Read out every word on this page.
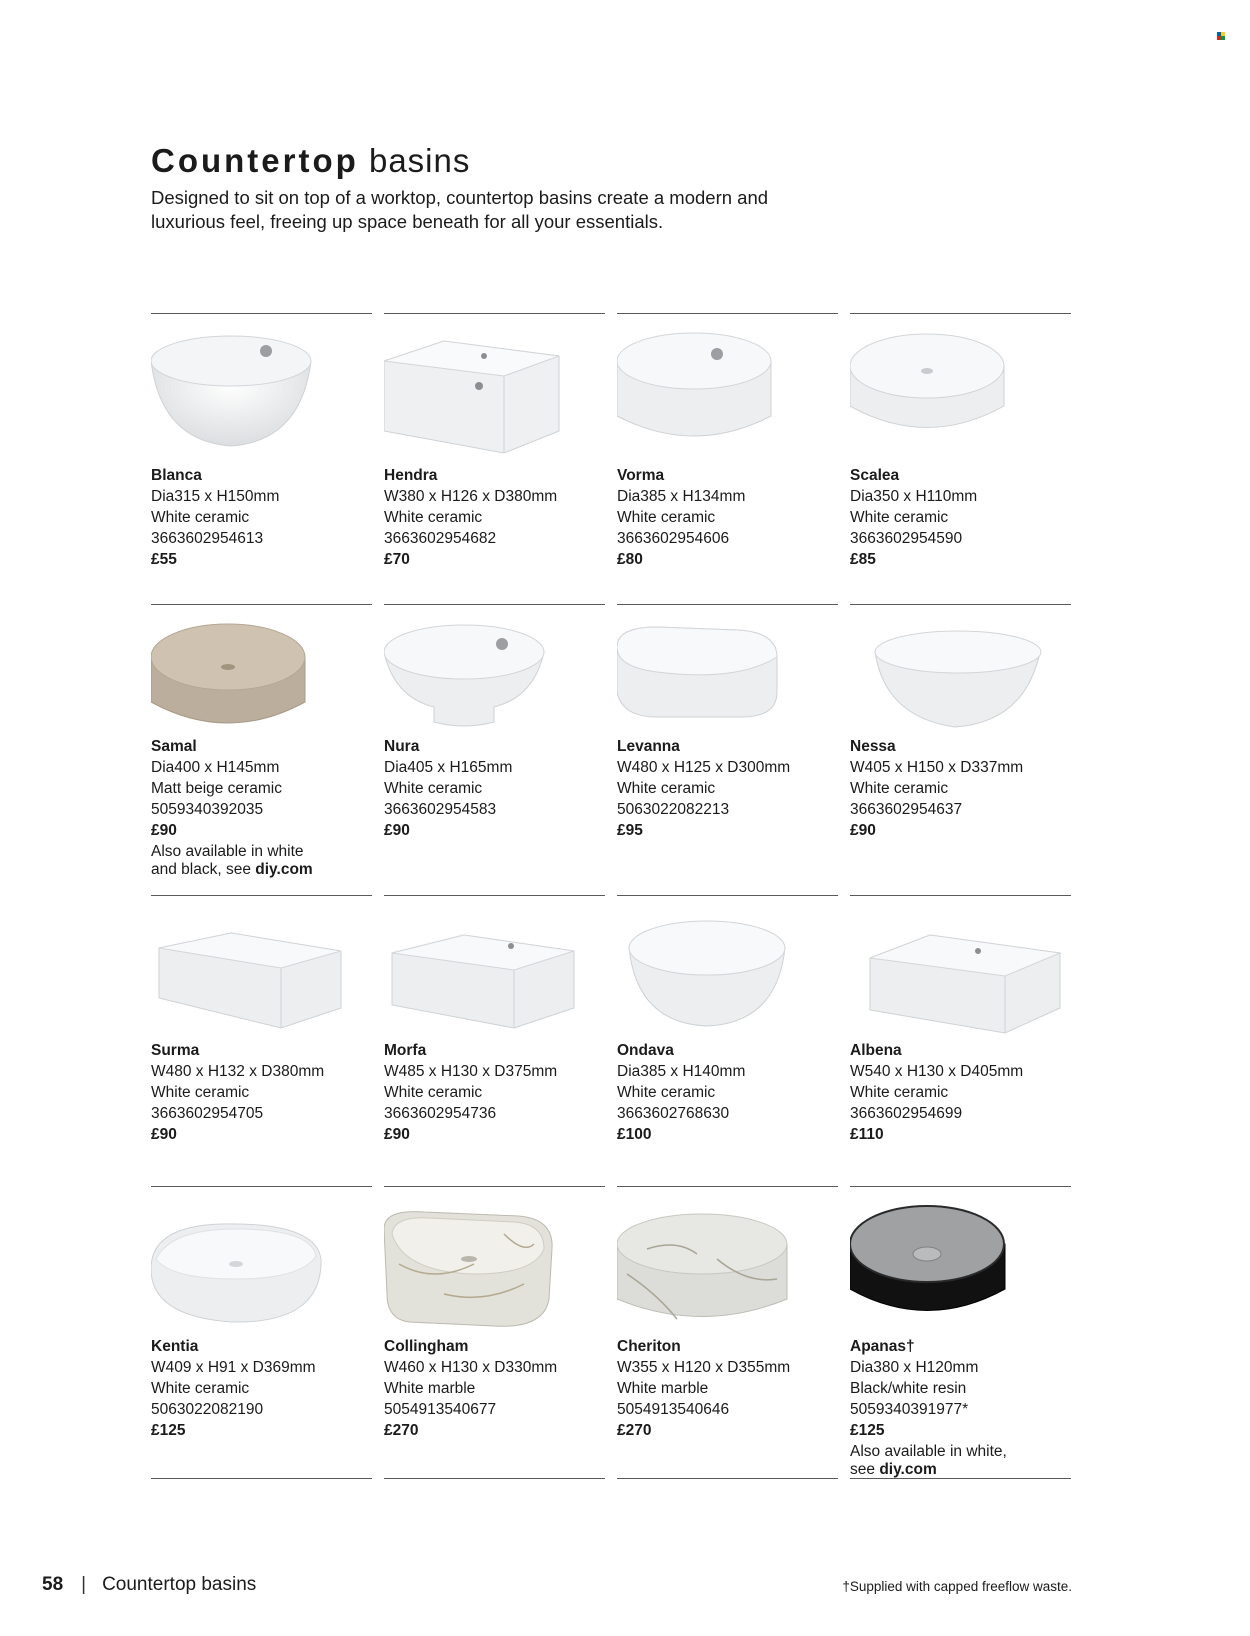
Countertop basins

Designed to sit on top of a worktop, countertop basins create a modern and luxurious feel, freeing up space beneath for all your essentials.

Blanca
Dia315 x H150mm
White ceramic
3663602954613
£55
Hendra
W380 x H126 x D380mm
White ceramic
3663602954682
£70
Vorma
Dia385 x H134mm
White ceramic
3663602954606
£80
Scalea
Dia350 x H110mm
White ceramic
3663602954590
£85
Samal
Dia400 x H145mm
Matt beige ceramic
5059340392035
£90
Also available in white
and black, see diy.com
Nura
Dia405 x H165mm
White ceramic
3663602954583
£90
Levanna
W480 x H125 x D300mm
White ceramic
5063022082213
£95
Nessa
W405 x H150 x D337mm
White ceramic
3663602954637
£90
Surma
W480 x H132 x D380mm
White ceramic
3663602954705
£90
Morfa
W485 x H130 x D375mm
White ceramic
3663602954736
£90
Ondava
Dia385 x H140mm
White ceramic
3663602768630
£100
Albena
W540 x H130 x D405mm
White ceramic
3663602954699
£110
Kentia
W409 x H91 x D369mm
White ceramic
5063022082190
£125
Collingham
W460 x H130 x D330mm
White marble
5054913540677
£270
Cheriton
W355 x H120 x D355mm
White marble
5054913540646
£270
Apanas†
Dia380 x H120mm
Black/white resin
5059340391977*
£125
Also available in white,
see diy.com
58 | Countertop basins	†Supplied with capped freeflow waste.
